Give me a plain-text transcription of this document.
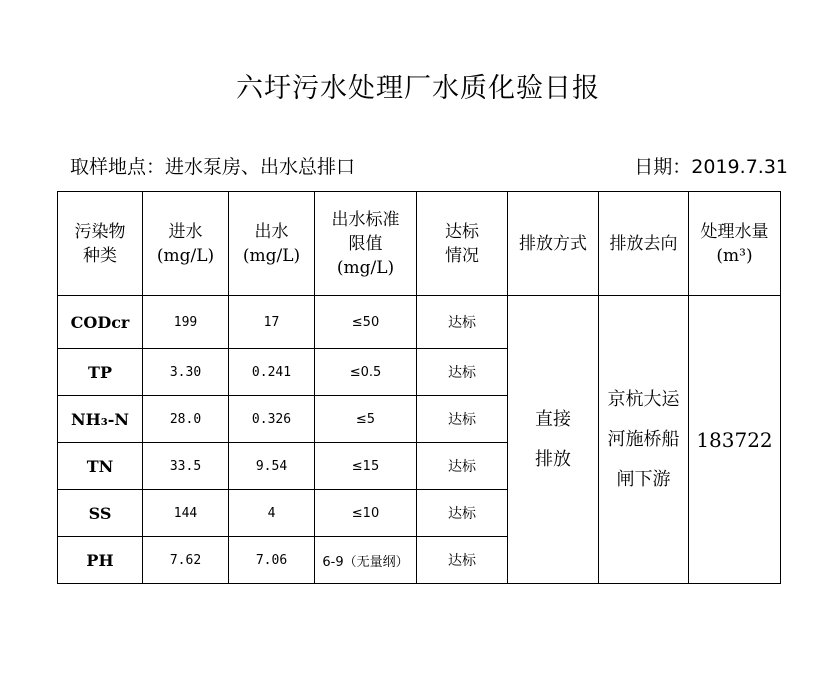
六圩污水处理厂水质化验日报
取样地点：进水泵房、出水总排口	日期：2019.7.31
污染物种类	进水(mg/L)	出水(mg/L)	出水标准限值(mg/L)	达标情况	排放方式	排放去向	处理水量(m³)

CODcr	199	17	≤50	达标	直接排放	京杭大运河施桥船闸下游	183722
TP	3.30	0.241	≤0.5	达标			
NH₃-N	28.0	0.326	≤5	达标			
TN	33.5	9.54	≤15	达标			
SS	144	4	≤10	达标			
PH	7.62	7.06	6-9（无量纲）	达标			
